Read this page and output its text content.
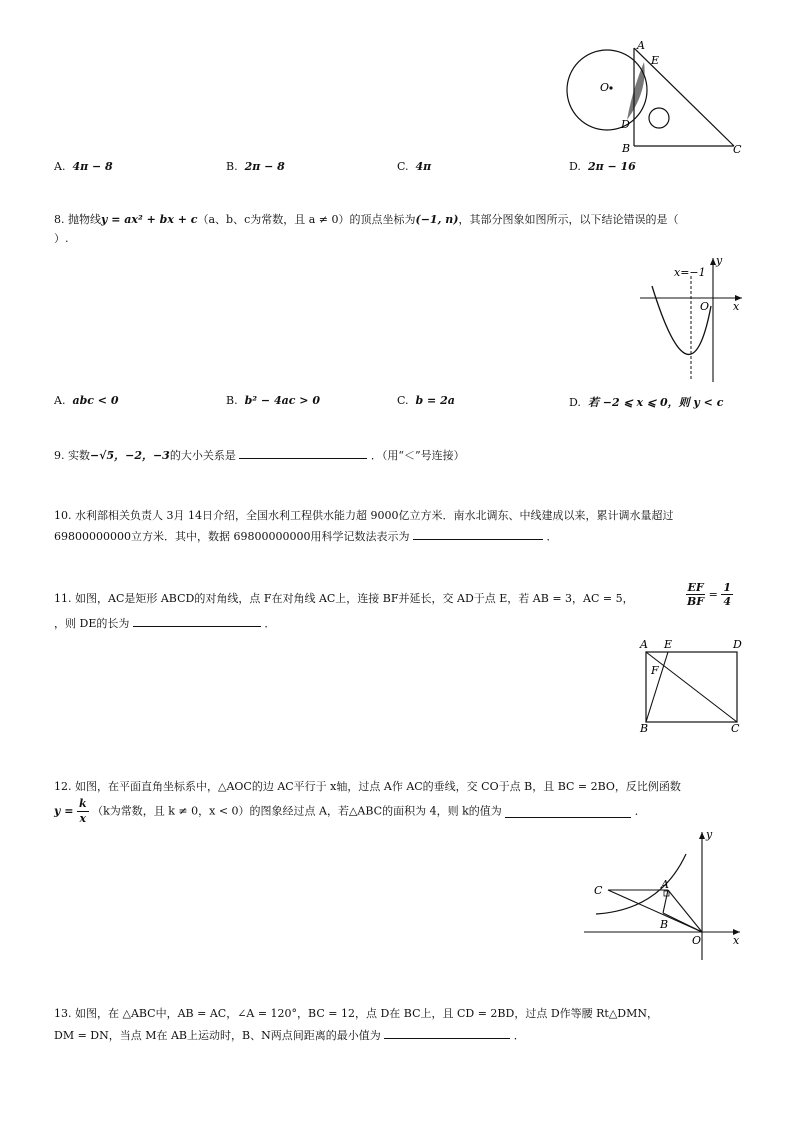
A
E
O
D
B	C
A. 4π − 8	B. 2π − 8	C. 4π	D. 2π − 16
8. 抛物线y = ax² + bx + c（a、b、c为常数，且 a ≠ 0）的顶点坐标为(−1, n)，其部分图象如图所示，以下结论错误的是（
）.
x=−1
y
x
O
A. abc < 0	B. b² − 4ac > 0	C. b = 2a	D. 若 −2 ⩽ x ⩽ 0，则 y < c
9. 实数−√5，−2，−3的大小关系是	．（用“＜”号连接）
10. 水利部相关负责人 3月 14日介绍，全国水利工程供水能力超 9000亿立方米．南水北调东、中线建成以来，累计调水量超过
69800000000立方米．其中，数据 69800000000用科学记数法表示为	．
11. 如图，AC是矩形 ABCD的对角线，点 F在对角线 AC上，连接 BF并延长，交 AD于点 E，若 AB = 3，AC = 5，	$\frac{EF}{BF} = \frac{1}{4}$
，则 DE的长为	．
A E	D
F
B	C
12. 如图，在平面直角坐标系中，△AOC的边 AC平行于 x轴，过点 A作 AC的垂线，交 CO于点 B，且 BC = 2BO，反比例函数
$y = \frac{k}{x} (k$为常数，且 k ≠ 0，x < 0）的图象经过点 A，若△ABC的面积为 4，则 k的值为	．
y
C	A
B
O	x
13. 如图，在 △ABC中，AB = AC，∠A = 120°，BC = 12，点 D在 BC上，且 CD = 2BD，过点 D作等腰 Rt△DMN，
DM = DN，当点 M在 AB上运动时，B、N两点间距离的最小值为	．
